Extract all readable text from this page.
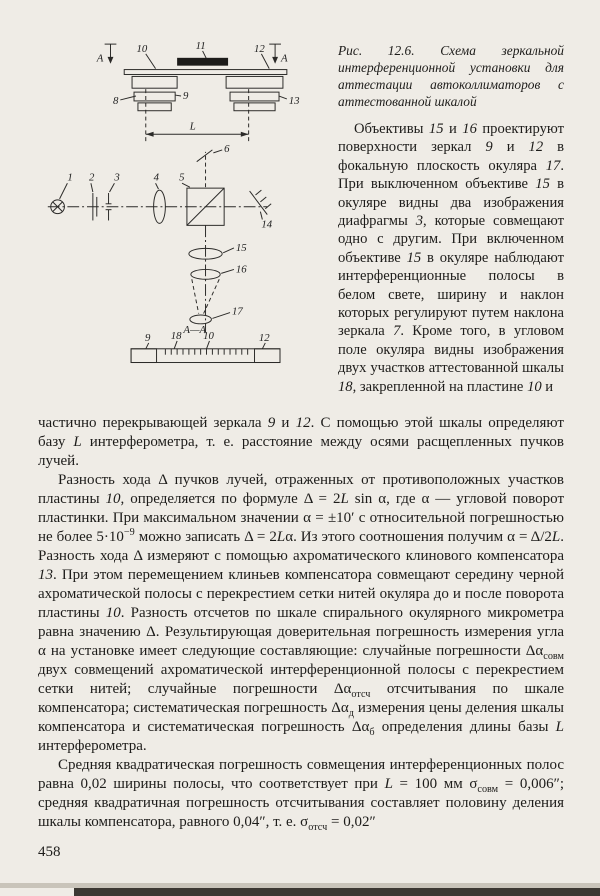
A	A
10	11	12
9
8	13
L
6
1 2 3	4 5
14
15
16
17
А—А
9 18 10	12

Рис. 12.6. Схема зеркальной интерференционной установки для аттестации автоколлиматоров с аттестованной шкалой

Объективы 15 и 16 проектируют поверхности зеркал 9 и 12 в фокальную плоскость окуляра 17. При выключенном объективе 15 в окуляре видны два изображения диафрагмы 3, которые совмещают одно с другим. При включенном объективе 15 в окуляре наблюдают интерференционные полосы в белом свете, ширину и наклон которых регулируют путем наклона зеркала 7. Кроме того, в угловом поле окуляра видны изображения двух участков аттестованной шкалы 18, закрепленной на пластине 10 и

частично перекрывающей зеркала 9 и 12. С помощью этой шкалы определяют базу L интерферометра, т. е. расстояние между осями расщепленных пучков лучей.

Разность хода Δ пучков лучей, отраженных от противоположных участков пластины 10, определяется по формуле Δ = 2L sin α, где α — угловой поворот пластинки. При максимальном значении α = ±10′ с относительной погрешностью не более $5\cdot 10^{-9}$ можно записать Δ = 2Lα. Из этого соотношения получим α = Δ/2L. Разность хода Δ измеряют с помощью ахроматического клинового компенсатора 13. При этом перемещением клиньев компенсатора совмещают середину черной ахроматической полосы с перекрестием сетки нитей окуляра до и после поворота пластины 10. Разность отсчетов по шкале спирального окулярного микрометра равна значению Δ. Результирующая доверительная погрешность измерения угла α на установке имеет следующие составляющие: случайные погрешности $\Delta\alpha_{совм}$ двух совмещений ахроматической интерференционной полосы с перекрестием сетки нитей; случайные погрешности $\Delta\alpha_{отсч}$ отсчитывания по шкале компенсатора; систематическая погрешность $\Delta\alpha_д$ измерения цены деления шкалы компенсатора и систематическая погрешность $\Delta\alpha_б$ определения длины базы L интерферометра.

Средняя квадратическая погрешность совмещения интерференционных полос равна 0,02 ширины полосы, что соответствует при L = 100 мм $\sigma_{совм} = 0,006''$; средняя квадратичная погрешность отсчитывания составляет половину деления шкалы компенсатора, равного 0,04″, т. е. $\sigma_{отсч} = 0,02''$

458
